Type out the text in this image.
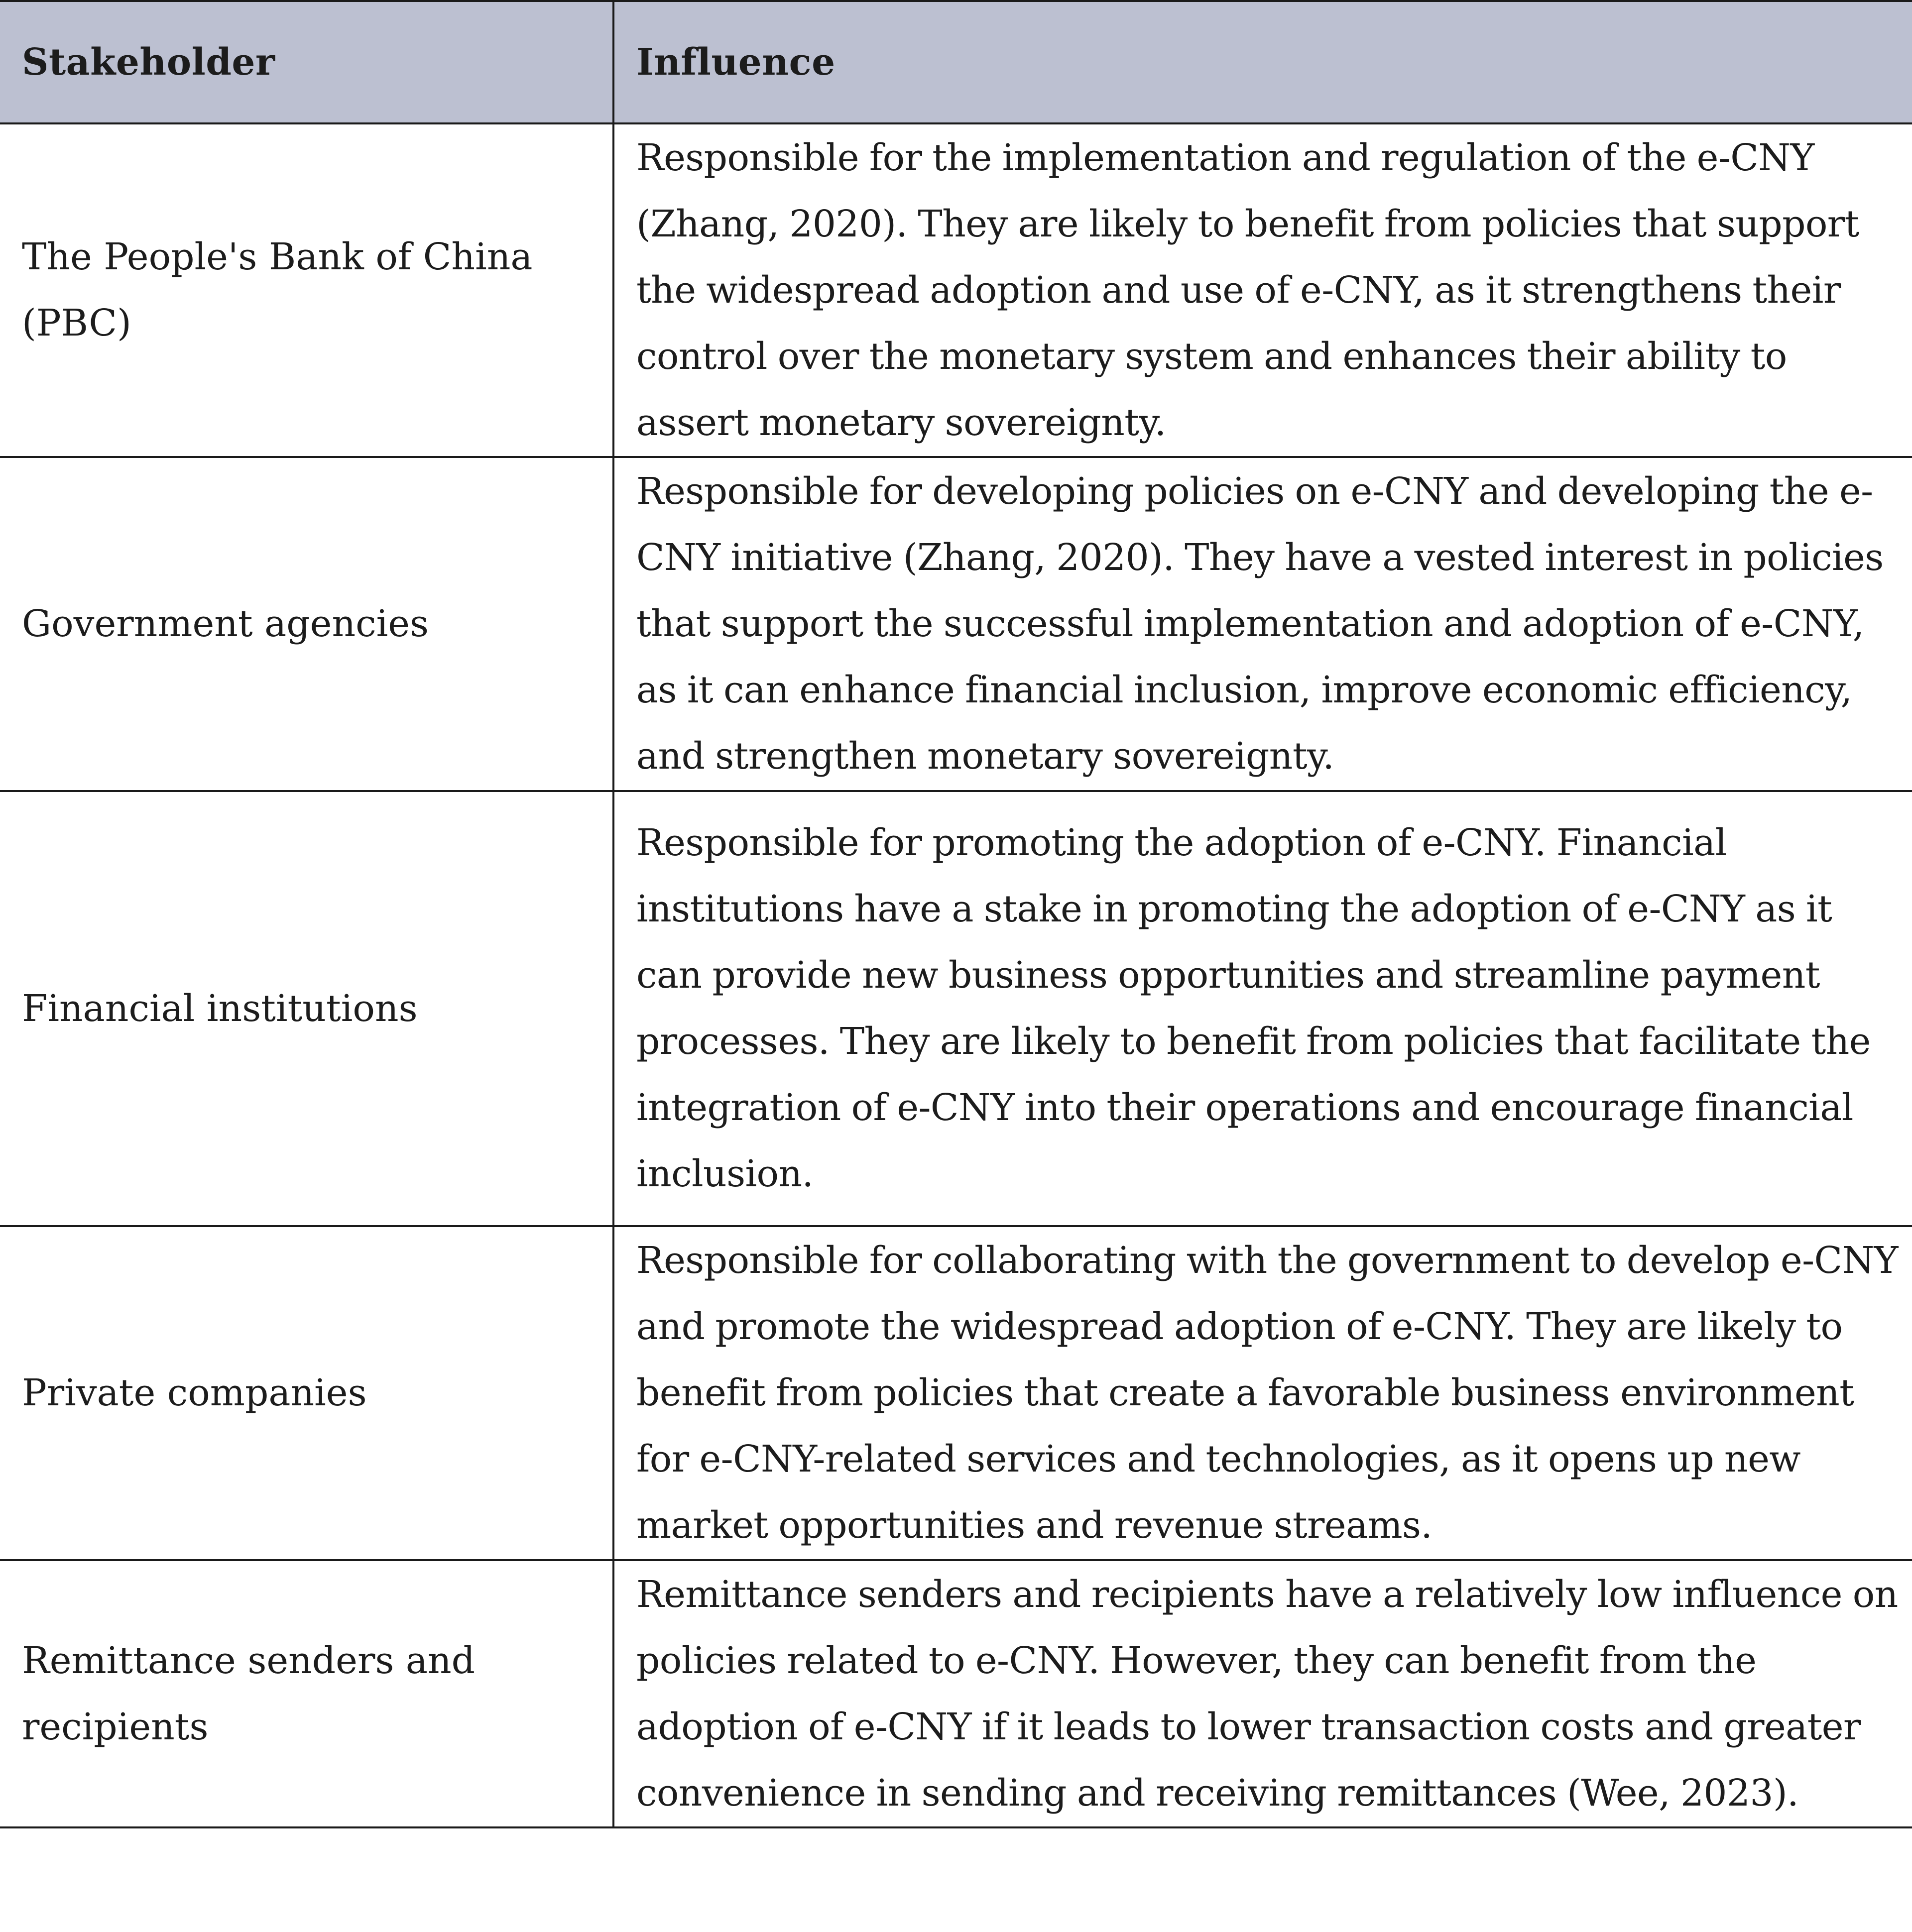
Stakeholder	Influence
The People's Bank of China (PBC)	Responsible for the implementation and regulation of the e-CNY (Zhang, 2020). They are likely to benefit from policies that support the widespread adoption and use of e-CNY, as it strengthens their control over the monetary system and enhances their ability to assert monetary sovereignty.
Government agencies	Responsible for developing policies on e-CNY and developing the e-CNY initiative (Zhang, 2020). They have a vested interest in policies that support the successful implementation and adoption of e-CNY, as it can enhance financial inclusion, improve economic efficiency, and strengthen monetary sovereignty.
Financial institutions	Responsible for promoting the adoption of e-CNY. Financial institutions have a stake in promoting the adoption of e-CNY as it can provide new business opportunities and streamline payment processes. They are likely to benefit from policies that facilitate the integration of e-CNY into their operations and encourage financial inclusion.
Private companies	Responsible for collaborating with the government to develop e-CNY and promote the widespread adoption of e-CNY. They are likely to benefit from policies that create a favorable business environment for e-CNY-related services and technologies, as it opens up new market opportunities and revenue streams.
Remittance senders and recipients	Remittance senders and recipients have a relatively low influence on policies related to e-CNY. However, they can benefit from the adoption of e-CNY if it leads to lower transaction costs and greater convenience in sending and receiving remittances (Wee, 2023).
